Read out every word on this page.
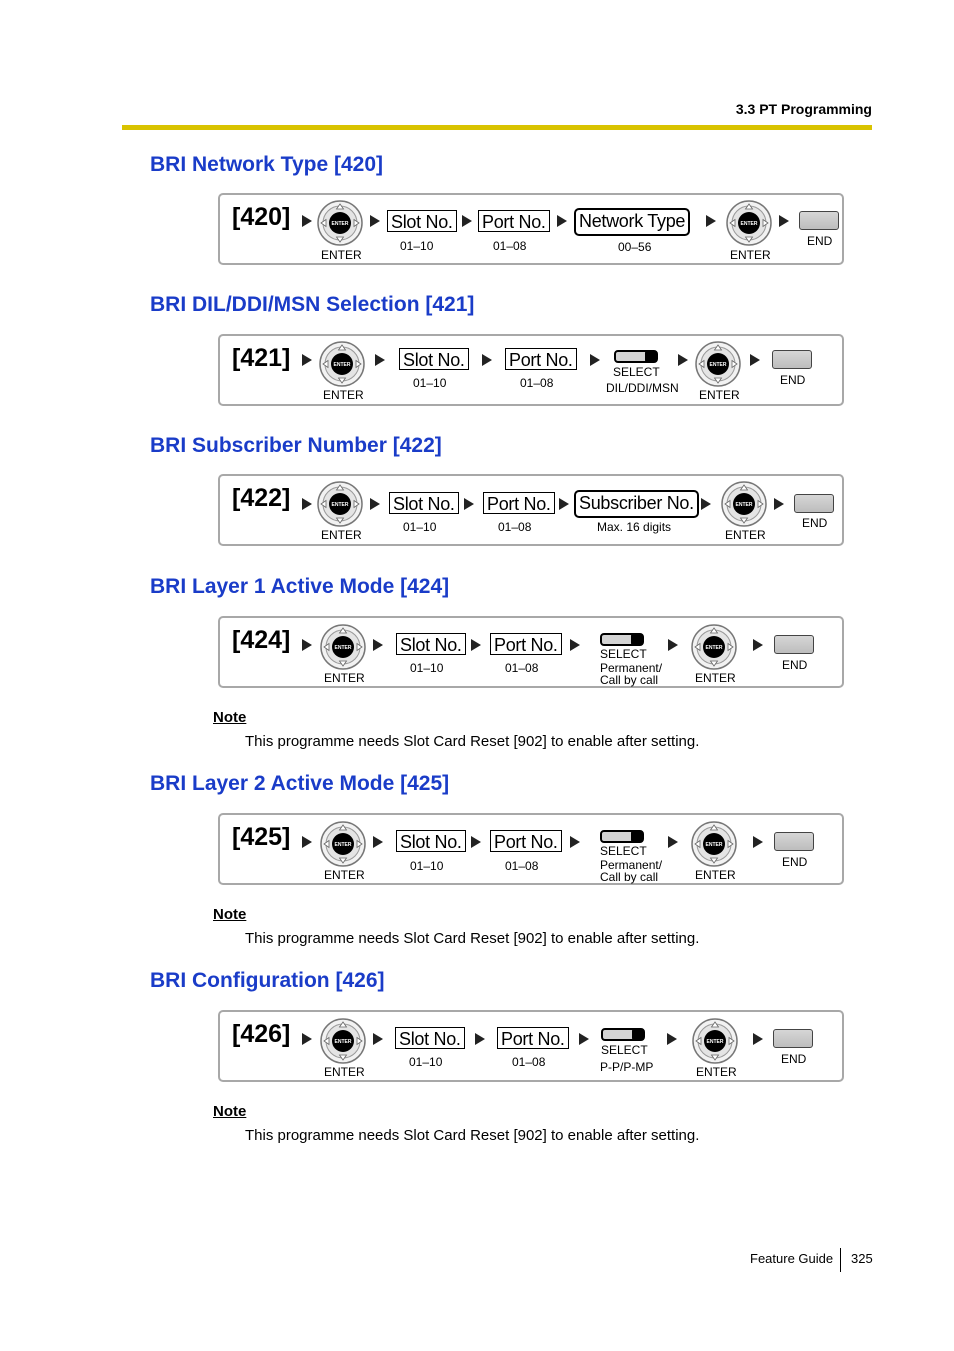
3.3 PT Programming
BRI Network Type [420]
[420]	ENTER
ENTER
Slot No.
01–10
Port No.
01–08
Network Type
00–56
ENTER
ENTER
END
BRI DIL/DDI/MSN Selection [421]
[421]	ENTER
ENTER
Slot No.
01–10
Port No.
01–08
SELECT
DIL/DDI/MSN
ENTER
ENTER
END
BRI Subscriber Number [422]
[422]	ENTER
ENTER
Slot No.
01–10
Port No.
01–08
Subscriber No.
Max. 16 digits
ENTER
ENTER
END
BRI Layer 1 Active Mode [424]
[424]	ENTER
ENTER
Slot No.
01–10
Port No.
01–08
SELECT
Permanent/
Call by call
ENTER
ENTER
END
Note
This programme needs Slot Card Reset [902] to enable after setting.
BRI Layer 2 Active Mode [425]
[425]	ENTER
ENTER
Slot No.
01–10
Port No.
01–08
SELECT
Permanent/
Call by call
ENTER
ENTER
END
Note
This programme needs Slot Card Reset [902] to enable after setting.
BRI Configuration [426]
[426]	ENTER
ENTER
Slot No.
01–10
Port No.
01–08
SELECT
P-P/P-MP
ENTER
ENTER
END
Note
This programme needs Slot Card Reset [902] to enable after setting.
Feature Guide 325
